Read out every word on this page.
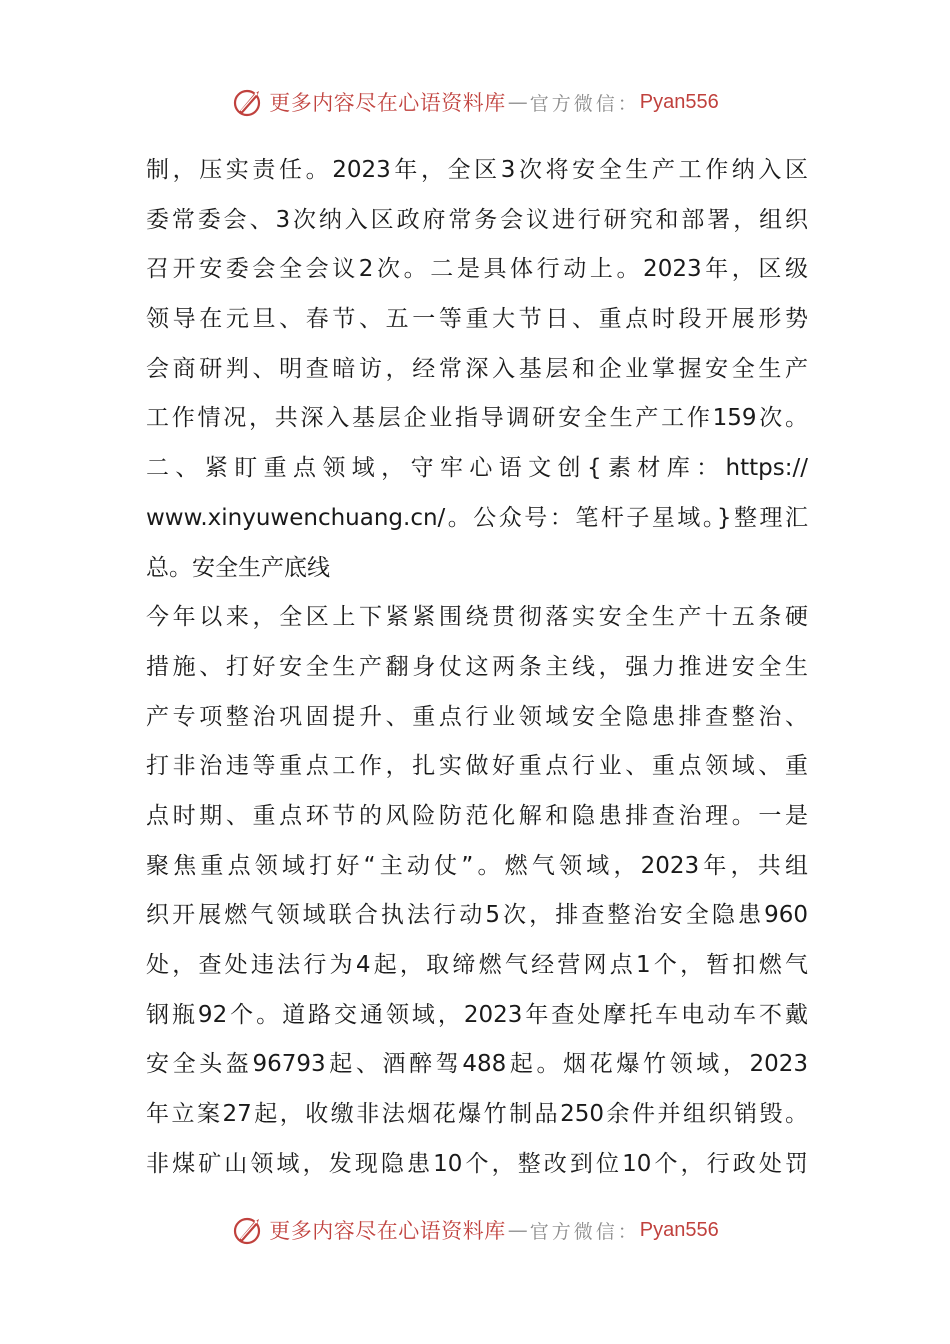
更多内容尽在心语资料库 — 官方微信： Pyan556
制，压实责任。2023年，全区3次将安全生产工作纳入区
委常委会、3次纳入区政府常务会议进行研究和部署，组织
召开安委会全会议2次。二是具体行动上。2023年，区级
领导在元旦、春节、五一等重大节日、重点时段开展形势
会商研判、明查暗访，经常深入基层和企业掌握安全生产
工作情况，共深入基层企业指导调研安全生产工作159次。
二、紧盯重点领域，守牢心语文创{素材库：https://
www.xinyuwenchuang.cn/。公众号：笔杆子星域。}整理汇
总。安全生产底线
今年以来，全区上下紧紧围绕贯彻落实安全生产十五条硬
措施、打好安全生产翻身仗这两条主线，强力推进安全生
产专项整治巩固提升、重点行业领域安全隐患排查整治、
打非治违等重点工作，扎实做好重点行业、重点领域、重
点时期、重点环节的风险防范化解和隐患排查治理。一是
聚焦重点领域打好“主动仗”。燃气领域，2023年，共组
织开展燃气领域联合执法行动5次，排查整治安全隐患960
处，查处违法行为4起，取缔燃气经营网点1个，暂扣燃气
钢瓶92个。道路交通领域，2023年查处摩托车电动车不戴
安全头盔96793起、酒醉驾488起。烟花爆竹领域，2023
年立案27起，收缴非法烟花爆竹制品250余件并组织销毁。
非煤矿山领域，发现隐患10个，整改到位10个，行政处罚
更多内容尽在心语资料库 — 官方微信： Pyan556
